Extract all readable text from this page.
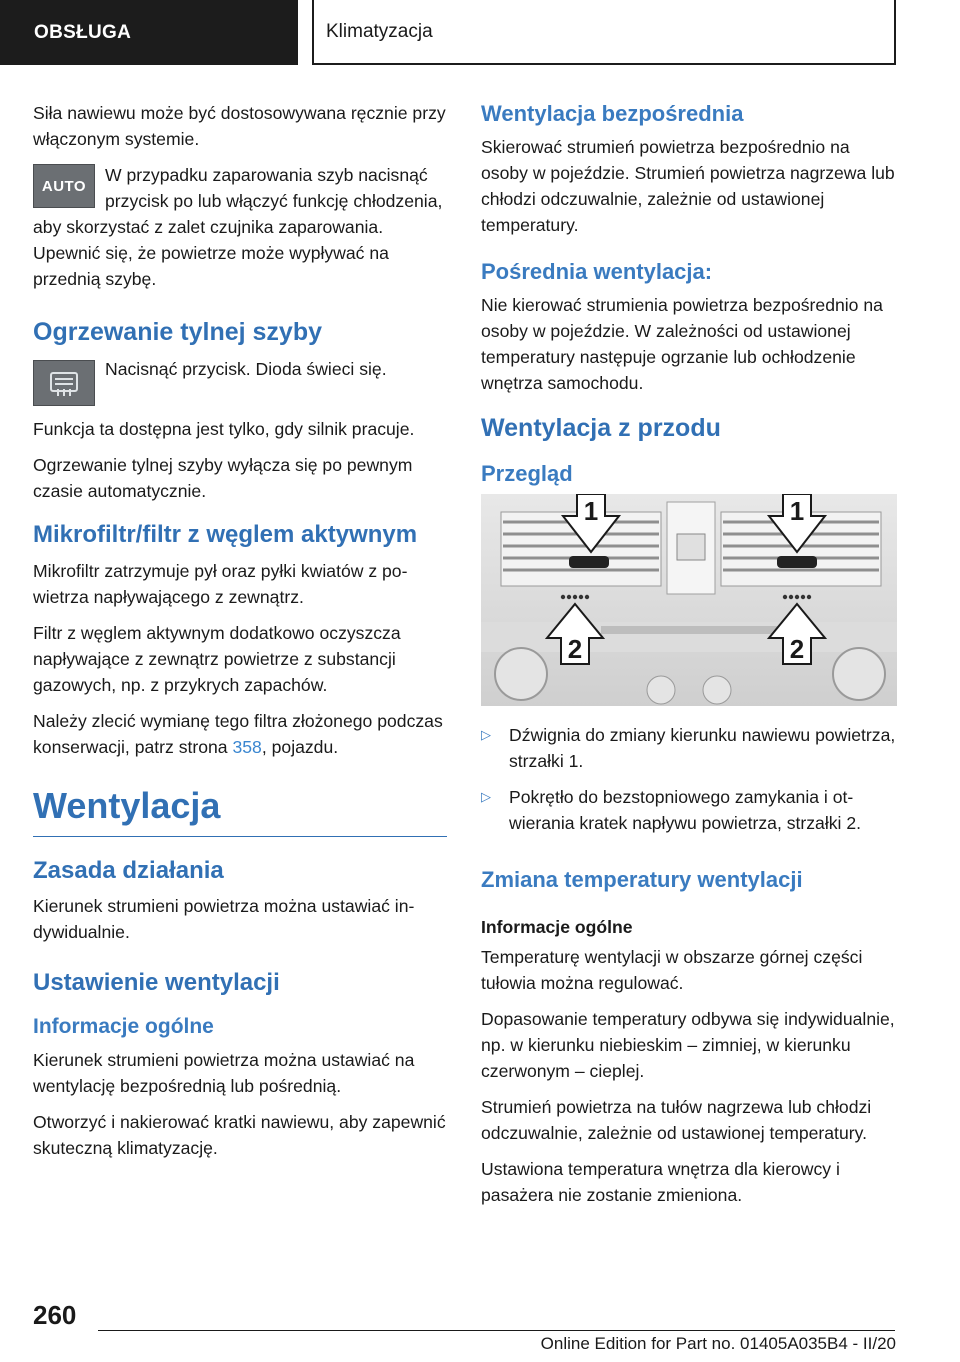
OBSŁUGA	Klimatyzacja

Siła nawiewu może być dostosowywana ręcznie przy włączonym systemie.

AUTO

W przypadku zaparowania szyb nacisnąć przycisk po lub włączyć funkcję chłodzenia, aby skorzystać z zalet czujnika zaparowania. Upewnić się, że powietrze może wypływać na przednią szybę.

Ogrzewanie tylnej szyby

Nacisnąć przycisk. Dioda świeci się.

Funkcja ta dostępna jest tylko, gdy silnik pracuje.

Ogrzewanie tylnej szyby wyłącza się po pewnym czasie automatycznie.

Mikrofiltr/filtr z węglem aktywnym

Mikrofiltr zatrzymuje pył oraz pyłki kwiatów z powietrza napływającego z zewnątrz.

Filtr z węglem aktywnym dodatkowo oczyszcza napływające z zewnątrz powietrze z substancji gazowych, np. z przykrych zapachów.

Należy zlecić wymianę tego filtra złożonego podczas konserwacji, patrz strona 358, pojazdu.

Wentylacja
Zasada działania

Kierunek strumieni powietrza można ustawiać indywidualnie.

Ustawienie wentylacji
Informacje ogólne

Kierunek strumieni powietrza można ustawiać na wentylację bezpośrednią lub pośrednią.

Otworzyć i nakierować kratki nawiewu, aby zapewnić skuteczną klimatyzację.

Wentylacja bezpośrednia

Skierować strumień powietrza bezpośrednio na osoby w pojeździe. Strumień powietrza nagrzewa lub chłodzi odczuwalnie, zależnie od ustawionej temperatury.

Pośrednia wentylacja:

Nie kierować strumienia powietrza bezpośrednio na osoby w pojeździe. W zależności od ustawionej temperatury następuje ogrzanie lub ochłodzenie wnętrza samochodu.

Wentylacja z przodu
Przegląd
1	1
2	2
▷	Dźwignia do zmiany kierunku nawiewu powietrza, strzałki 1.
▷	Pokrętło do bezstopniowego zamykania i otwierania kratek napływu powietrza, strzałki 2.
Zmiana temperatury wentylacji
Informacje ogólne

Temperaturę wentylacji w obszarze górnej części tułowia można regulować.

Dopasowanie temperatury odbywa się indywidualnie, np. w kierunku niebieskim – zimniej, w kierunku czerwonym – cieplej.

Strumień powietrza na tułów nagrzewa lub chłodzi odczuwalnie, zależnie od ustawionej temperatury.

Ustawiona temperatura wnętrza dla kierowcy i pasażera nie zostanie zmieniona.

260
Online Edition for Part no. 01405A035B4 - II/20
